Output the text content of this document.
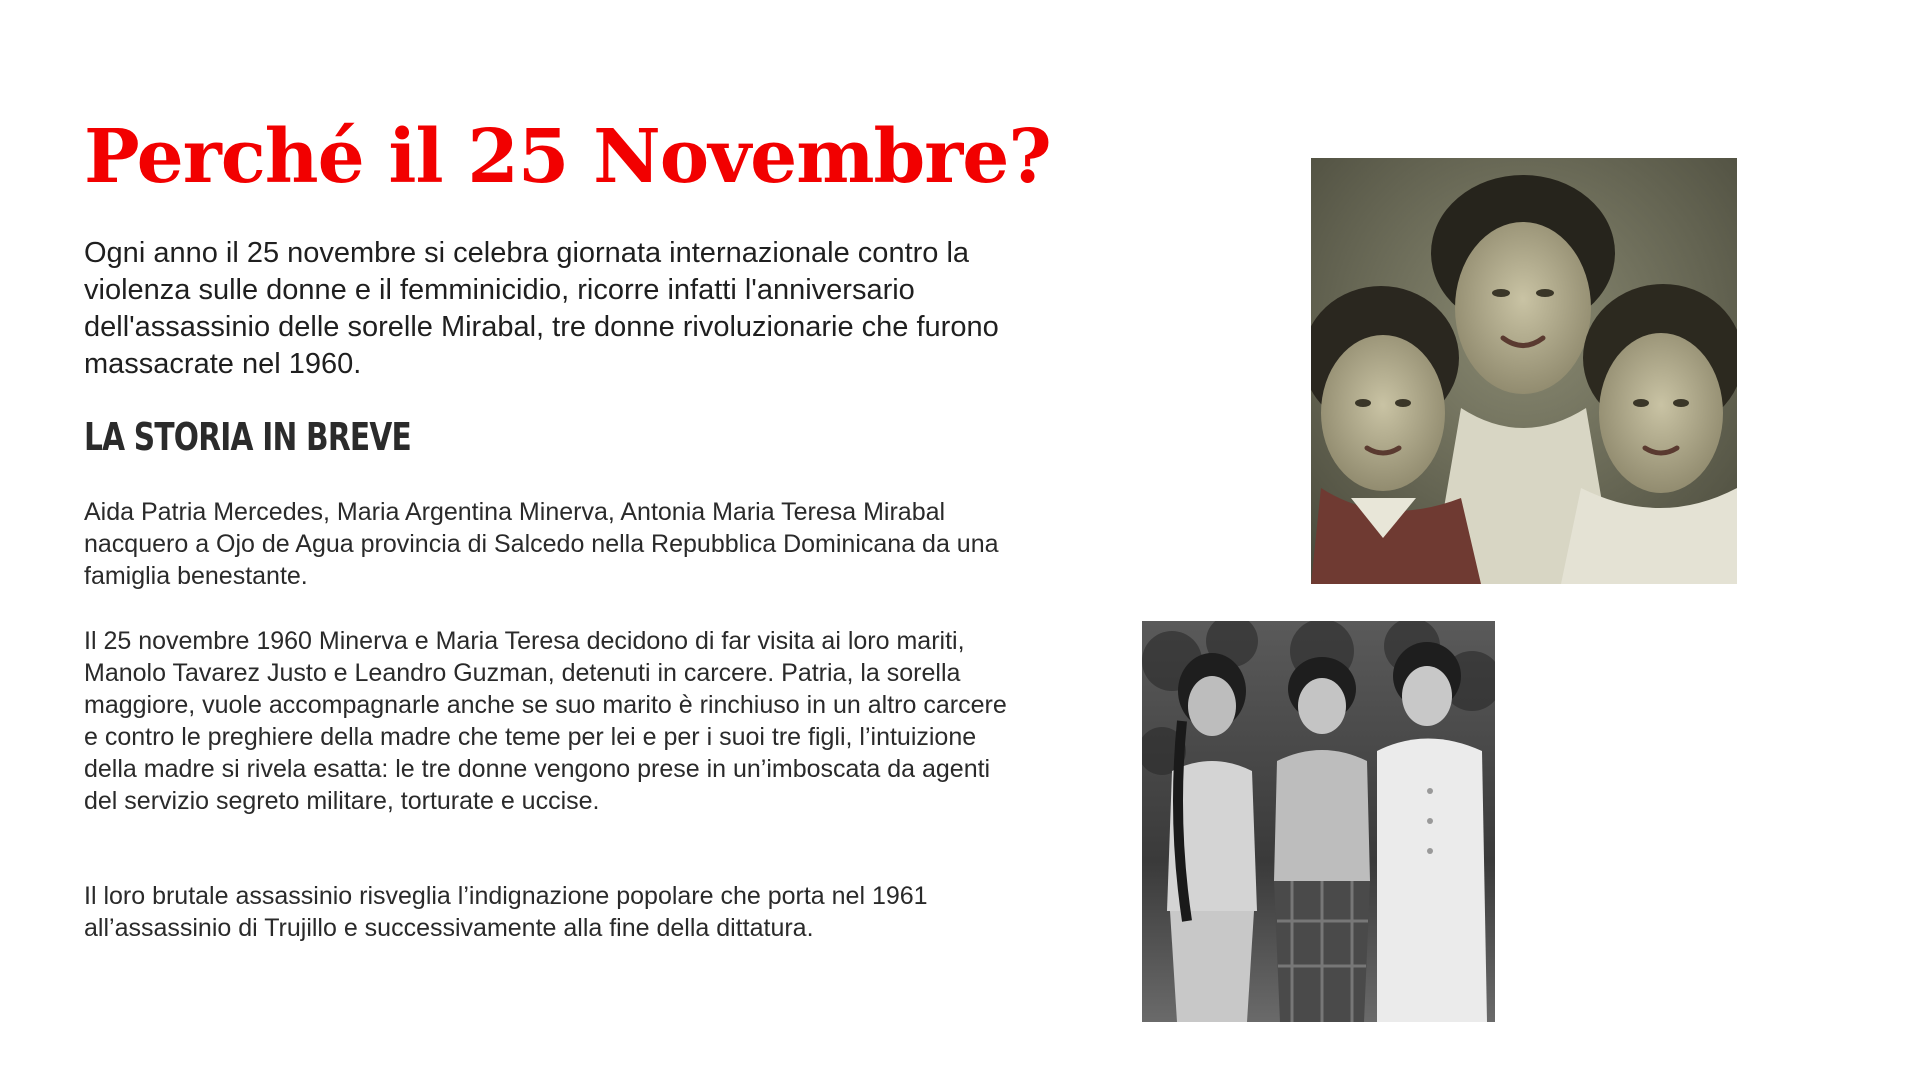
Perché il 25 Novembre?

Ogni anno il 25 novembre si celebra giornata internazionale contro la violenza sulle donne e il femminicidio, ricorre infatti l'anniversario dell'assassinio delle sorelle Mirabal, tre donne rivoluzionarie che furono massacrate nel 1960.

LA STORIA IN BREVE

Aida Patria Mercedes, Maria Argentina Minerva, Antonia Maria Teresa Mirabal nacquero a Ojo de Agua provincia di Salcedo nella Repubblica Dominicana da una famiglia benestante.

Il 25 novembre 1960 Minerva e Maria Teresa decidono di far visita ai loro mariti, Manolo Tavarez Justo e Leandro Guzman, detenuti in carcere. Patria, la sorella maggiore, vuole accompagnarle anche se suo marito è rinchiuso in un altro carcere e contro le preghiere della madre che teme per lei e per i suoi tre figli, l’intuizione della madre si rivela esatta: le tre donne vengono prese in un’imboscata da agenti del servizio segreto militare, torturate e uccise.

Il loro brutale assassinio risveglia l’indignazione popolare che porta nel 1961 all’assassinio di Trujillo e successivamente alla fine della dittatura.
